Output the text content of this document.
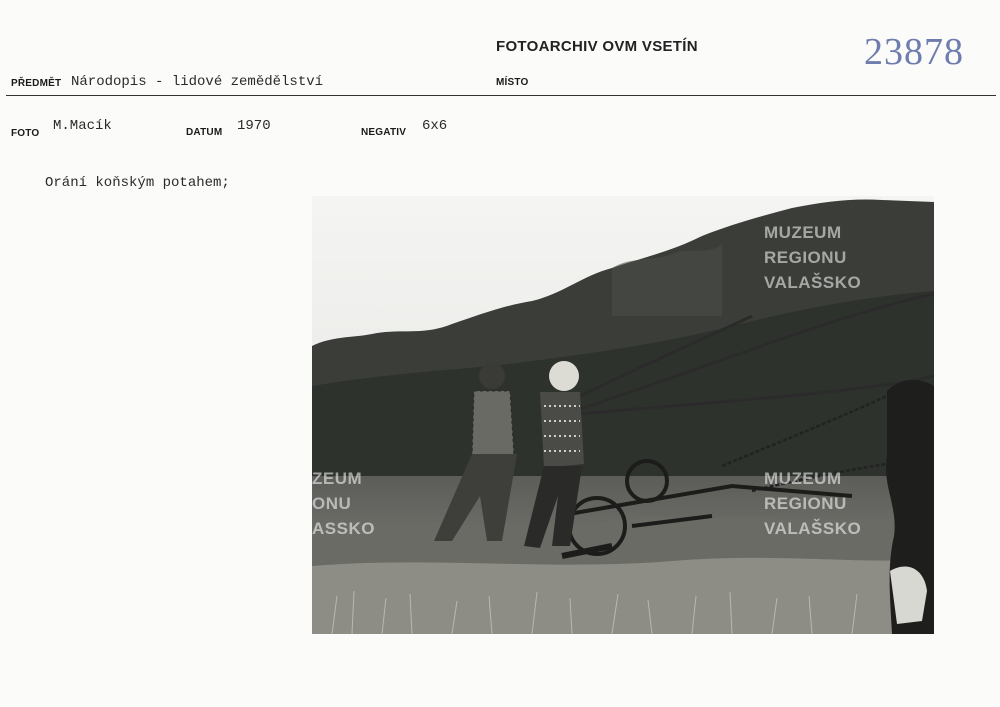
FOTOARCHIV OVM VSETÍN	23878
PŘEDMĚT Národopis - lidové zemědělství	MÍSTO
FOTO M.Macík	DATUM 1970	NEGATIV 6x6
Orání koňským potahem;
MUZEUM
REGIONU
VALAŠSKO
MUZEUM
REGIONU
VALAŠSKO
ZEUM
ONU
ASSKO
